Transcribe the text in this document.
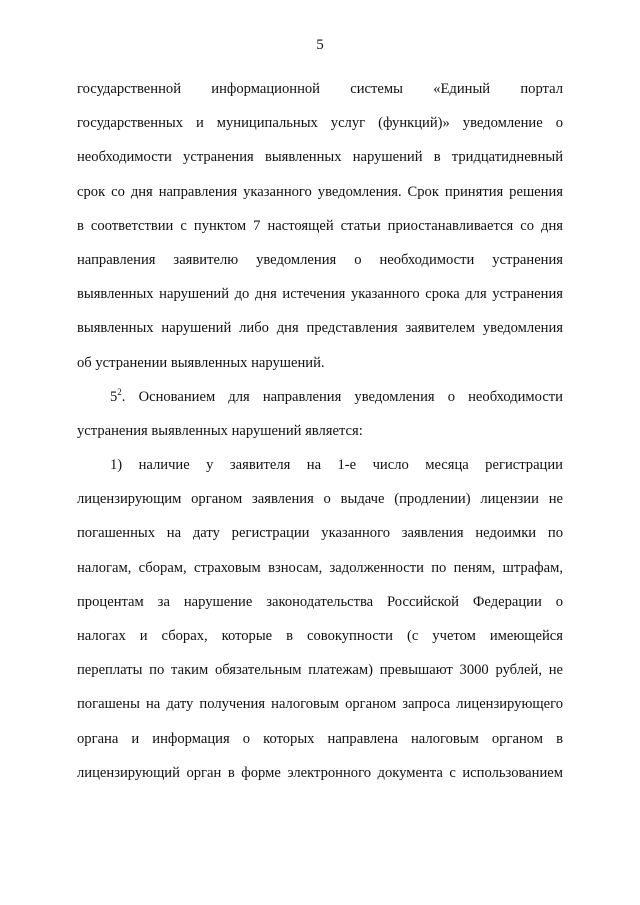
5
государственной информационной системы «Единый портал
государственных и муниципальных услуг (функций)» уведомление о
необходимости устранения выявленных нарушений в тридцатидневный
срок со дня направления указанного уведомления. Срок принятия решения
в соответствии с пунктом 7 настоящей статьи приостанавливается со дня
направления заявителю уведомления о необходимости устранения
выявленных нарушений до дня истечения указанного срока для устранения
выявленных нарушений либо дня представления заявителем уведомления
об устранении выявленных нарушений.
$5^2$. Основанием для направления уведомления о необходимости
устранения выявленных нарушений является:
1) наличие у заявителя на 1-е число месяца регистрации
лицензирующим органом заявления о выдаче (продлении) лицензии не
погашенных на дату регистрации указанного заявления недоимки по
налогам, сборам, страховым взносам, задолженности по пеням, штрафам,
процентам за нарушение законодательства Российской Федерации о
налогах и сборах, которые в совокупности (с учетом имеющейся
переплаты по таким обязательным платежам) превышают 3000 рублей, не
погашены на дату получения налоговым органом запроса лицензирующего
органа и информация о которых направлена налоговым органом в
лицензирующий орган в форме электронного документа с использованием
